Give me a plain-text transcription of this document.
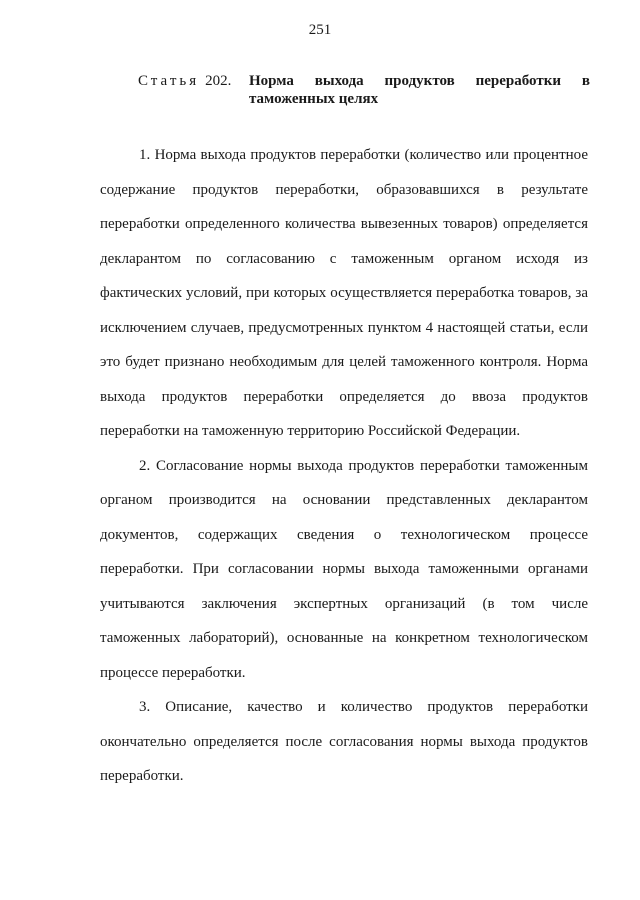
251
Статья 202. Норма выхода продуктов переработки в
таможенных целях

1. Норма выхода продуктов переработки (количество или процентное содержание продуктов переработки, образовавшихся в результате переработки определенного количества вывезенных товаров) определяется декларантом по согласованию с таможенным органом исходя из фактических условий, при которых осуществляется переработка товаров, за исключением случаев, предусмотренных пунктом 4 настоящей статьи, если это будет признано необходимым для целей таможенного контроля. Норма выхода продуктов переработки определяется до ввоза продуктов переработки на таможенную территорию Российской Федерации.

2. Согласование нормы выхода продуктов переработки таможенным органом производится на основании представленных декларантом документов, содержащих сведения о технологическом процессе переработки. При согласовании нормы выхода таможенными органами учитываются заключения экспертных организаций (в том числе таможенных лабораторий), основанные на конкретном технологическом процессе переработки.

3. Описание, качество и количество продуктов переработки окончательно определяется после согласования нормы выхода продуктов переработки.
